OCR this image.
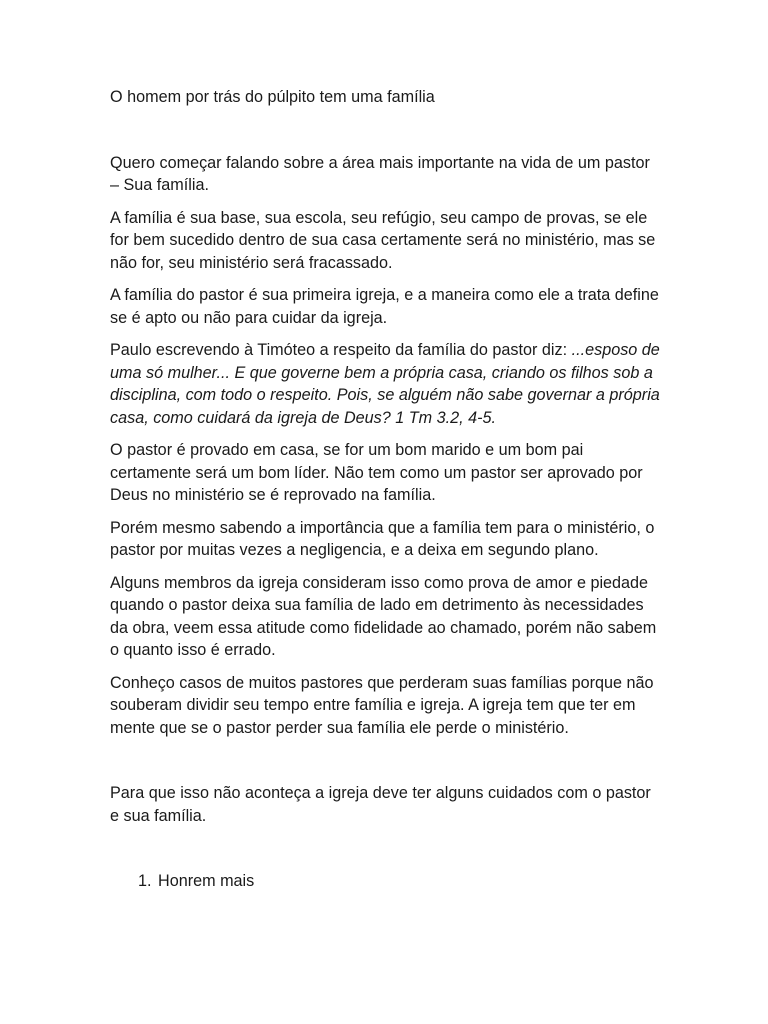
O homem por trás do púlpito tem uma família

Quero começar falando sobre a área mais importante na vida de um pastor – Sua família.

A família é sua base, sua escola, seu refúgio, seu campo de provas, se ele for bem sucedido dentro de sua casa certamente será no ministério, mas se não for, seu ministério será fracassado.

A família do pastor é sua primeira igreja, e a maneira como ele a trata define se é apto ou não para cuidar da igreja.

Paulo escrevendo à Timóteo a respeito da família do pastor diz: ...esposo de uma só mulher... E que governe bem a própria casa, criando os filhos sob a disciplina, com todo o respeito. Pois, se alguém não sabe governar a própria casa, como cuidará da igreja de Deus? 1 Tm 3.2, 4-5.

O pastor é provado em casa, se for um bom marido e um bom pai certamente será um bom líder. Não tem como um pastor ser aprovado por Deus no ministério se é reprovado na família.

Porém mesmo sabendo a importância que a família tem para o ministério, o pastor por muitas vezes a negligencia, e a deixa em segundo plano.

Alguns membros da igreja consideram isso como prova de amor e piedade quando o pastor deixa sua família de lado em detrimento às necessidades da obra, veem essa atitude como fidelidade ao chamado, porém não sabem o quanto isso é errado.

Conheço casos de muitos pastores que perderam suas famílias porque não souberam dividir seu tempo entre família e igreja. A igreja tem que ter em mente que se o pastor perder sua família ele perde o ministério.

Para que isso não aconteça a igreja deve ter alguns cuidados com o pastor e sua família.

1. Honrem mais
